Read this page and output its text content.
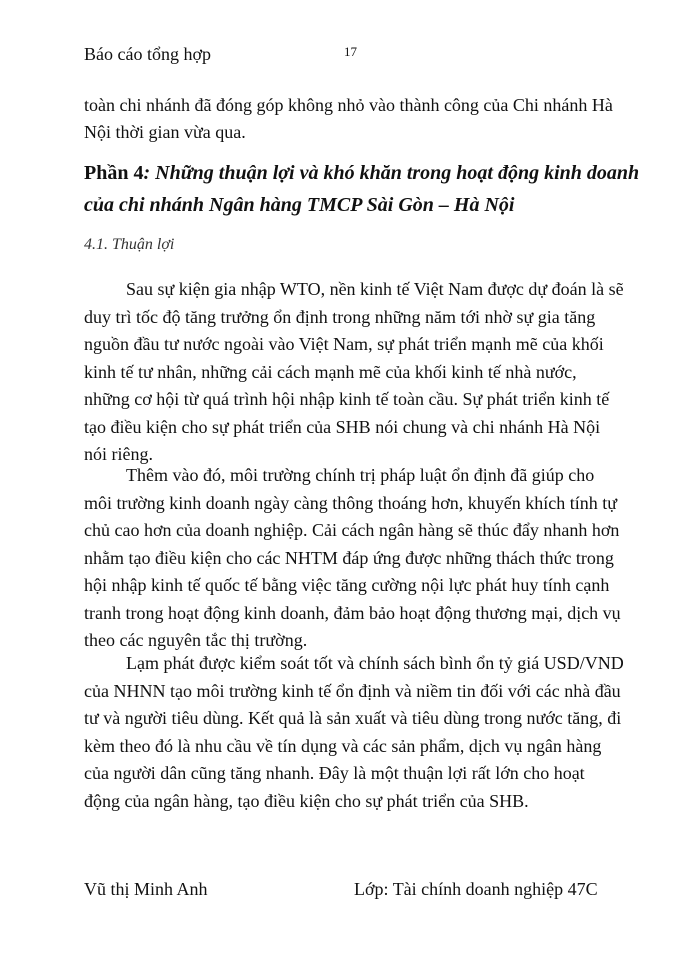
Báo cáo tổng hợp	17
toàn chi nhánh đã đóng góp không nhỏ vào thành công của Chi nhánh Hà Nội thời gian vừa qua.
Phần 4: Những thuận lợi và khó khăn trong hoạt động kinh doanh của chi nhánh Ngân hàng TMCP Sài Gòn – Hà Nội
4.1. Thuận lợi

Sau sự kiện gia nhập WTO, nền kinh tế Việt Nam được dự đoán là sẽ duy trì tốc độ tăng trưởng ổn định trong những năm tới nhờ sự gia tăng nguồn đầu tư nước ngoài vào Việt Nam, sự phát triển mạnh mẽ của khối kinh tế tư nhân, những cải cách mạnh mẽ của khối kinh tế nhà nước, những cơ hội từ quá trình hội nhập kinh tế toàn cầu. Sự phát triển kinh tế tạo điều kiện cho sự phát triển của SHB nói chung và chi nhánh Hà Nội nói riêng.

Thêm vào đó, môi trường chính trị pháp luật ổn định đã giúp cho môi trường kinh doanh ngày càng thông thoáng hơn, khuyến khích tính tự chủ cao hơn của doanh nghiệp. Cải cách ngân hàng sẽ thúc đẩy nhanh hơn nhằm tạo điều kiện cho các NHTM đáp ứng được những thách thức trong hội nhập kinh tế quốc tế bằng việc tăng cường nội lực phát huy tính cạnh tranh trong hoạt động kinh doanh, đảm bảo hoạt động thương mại, dịch vụ theo các nguyên tắc thị trường.

Lạm phát được kiểm soát tốt và chính sách bình ổn tỷ giá USD/VND của NHNN tạo môi trường kinh tế ổn định và niềm tin đối với các nhà đầu tư và người tiêu dùng. Kết quả là sản xuất và tiêu dùng trong nước tăng, đi kèm theo đó là nhu cầu về tín dụng và các sản phẩm, dịch vụ ngân hàng của người dân cũng tăng nhanh. Đây là một thuận lợi rất lớn cho hoạt động của ngân hàng, tạo điều kiện cho sự phát triển của SHB.

Vũ thị Minh Anh	Lớp: Tài chính doanh nghiệp 47C
